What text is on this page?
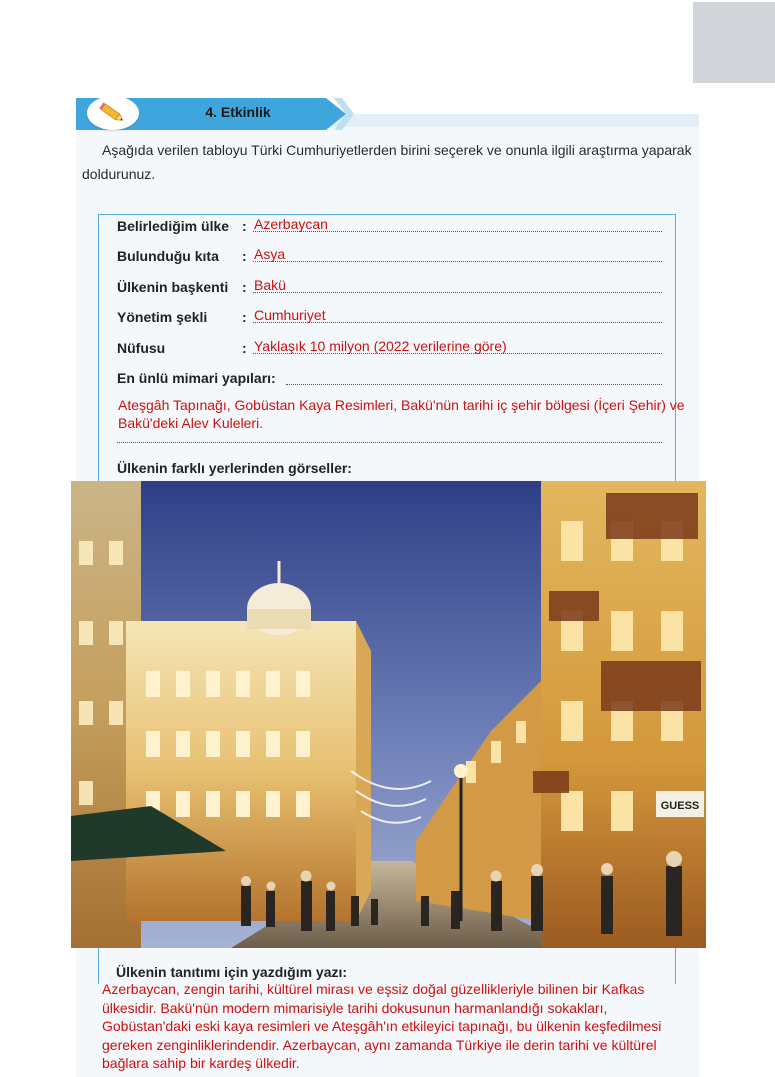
4. Etkinlik
Aşağıda verilen tabloyu Türki Cumhuriyetlerden birini seçerek ve onunla ilgili araştırma yaparak doldurunuz.
Belirlediğim ülke : Azerbaycan
Bulunduğu kıta : Asya
Ülkenin başkenti : Bakü
Yönetim şekli : Cumhuriyet
Nüfusu	: Yaklaşık 10 milyon (2022 verilerine göre)
En ünlü mimari yapıları:
Ateşgâh Tapınağı, Gobüstan Kaya Resimleri, Bakü'nün tarihi iç şehir bölgesi (İçeri Şehir) ve Bakü'deki Alev Kuleleri.
Ülkenin farklı yerlerinden görseller:
GUESS
Ülkenin tanıtımı için yazdığım yazı:
Azerbaycan, zengin tarihi, kültürel mirası ve eşsiz doğal güzellikleriyle bilinen bir Kafkas ülkesidir. Bakü'nün modern mimarisiyle tarihi dokusunun harmanlandığı sokakları, Gobüstan'daki eski kaya resimleri ve Ateşgâh'ın etkileyici tapınağı, bu ülkenin keşfedilmesi gereken zenginliklerindendir. Azerbaycan, aynı zamanda Türkiye ile derin tarihi ve kültürel bağlara sahip bir kardeş ülkedir.
